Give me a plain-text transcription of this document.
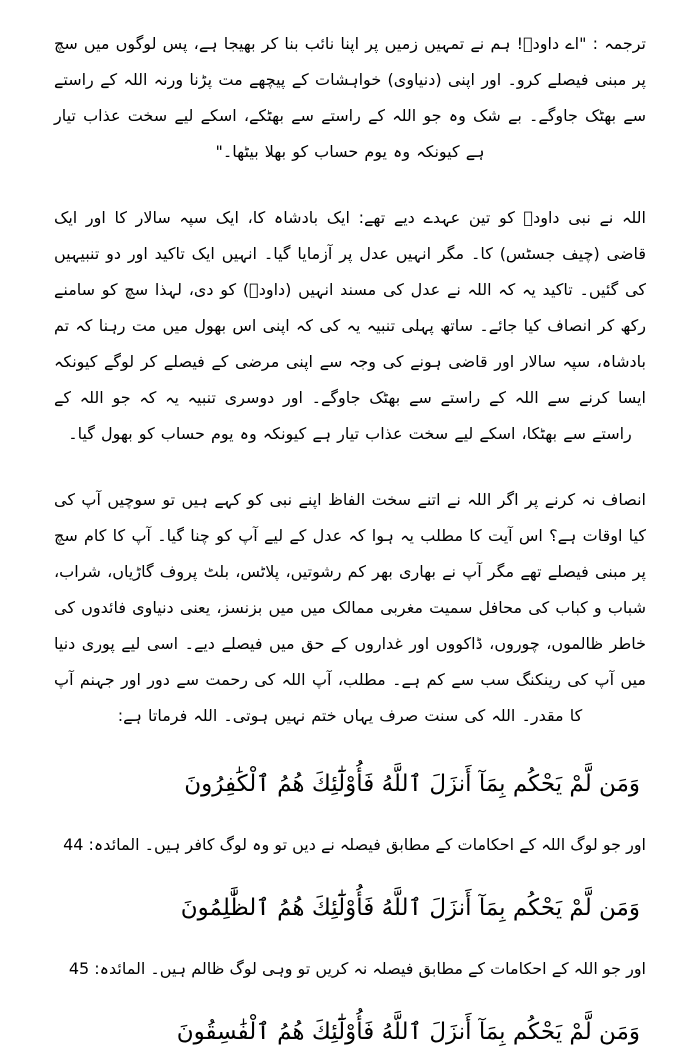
ترجمہ : "اے داودؑ! ہم نے تمہیں زمیں پر اپنا نائب بنا کر بھیجا ہے، پس لوگوں میں سچ پر مبنی فیصلے کرو۔ اور اپنی (دنیاوی) خواہشات کے پیچھے مت پڑنا ورنہ اللہ کے راستے سے بھٹک جاوگے۔ بے شک وہ جو اللہ کے راستے سے بھٹکے، اسکے لیے سخت عذاب تیار ہے کیونکہ وہ یوم حساب کو بھلا بیٹھا۔"

اللہ نے نبی داودؑ کو تین عہدے دیے تھے: ایک بادشاہ کا، ایک سپہ سالار کا اور ایک قاضی (چیف جسٹس) کا۔ مگر انہیں عدل پر آزمایا گیا۔ انہیں ایک تاکید اور دو تنبیہیں کی گئیں۔ تاکید یہ کہ اللہ نے عدل کی مسند انہیں (داودؑ) کو دی، لہذا سچ کو سامنے رکھ کر انصاف کیا جائے۔ ساتھ پہلی تنبیہ یہ کی کہ اپنی اس بھول میں مت رہنا کہ تم بادشاہ، سپہ سالار اور قاضی ہونے کی وجہ سے اپنی مرضی کے فیصلے کر لوگے کیونکہ ایسا کرنے سے اللہ کے راستے سے بھٹک جاوگے۔ اور دوسری تنبیہ یہ کہ جو اللہ کے راستے سے بھٹکا، اسکے لیے سخت عذاب تیار ہے کیونکہ وہ یوم حساب کو بھول گیا۔

انصاف نہ کرنے پر اگر اللہ نے اتنے سخت الفاظ اپنے نبی کو کہے ہیں تو سوچیں آپ کی کیا اوقات ہے؟ اس آیت کا مطلب یہ ہوا کہ عدل کے لیے آپ کو چنا گیا۔ آپ کا کام سچ پر مبنی فیصلے تھے مگر آپ نے بھاری بھر کم رشوتیں، پلاٹس، بلٹ پروف گاڑیاں، شراب، شباب و کباب کی محافل سمیت مغربی ممالک میں میں بزنسز، یعنی دنیاوی فائدوں کی خاطر ظالموں، چوروں، ڈاکووں اور غداروں کے حق میں فیصلے دیے۔ اسی لیے پوری دنیا میں آپ کی رینکنگ سب سے کم ہے۔ مطلب، آپ اللہ کی رحمت سے دور اور جہنم آپ کا مقدر۔ اللہ کی سنت صرف یہاں ختم نہیں ہوتی۔ اللہ فرماتا ہے:

وَمَن لَّمْ يَحْكُم بِمَآ أَنزَلَ ٱللَّهُ فَأُوْلَٰٓئِكَ هُمُ ٱلْكَٰفِرُونَ

اور جو لوگ اللہ کے احکامات کے مطابق فیصلہ نے دیں تو وہ لوگ کافر ہیں۔ المائدہ: 44

وَمَن لَّمْ يَحْكُم بِمَآ أَنزَلَ ٱللَّهُ فَأُوْلَٰٓئِكَ هُمُ ٱلظَّٰلِمُونَ

اور جو اللہ کے احکامات کے مطابق فیصلہ نہ کریں تو وہی لوگ ظالم ہیں۔ المائدہ: 45

وَمَن لَّمْ يَحْكُم بِمَآ أَنزَلَ ٱللَّهُ فَأُوْلَٰٓئِكَ هُمُ ٱلْفَٰسِقُونَ
